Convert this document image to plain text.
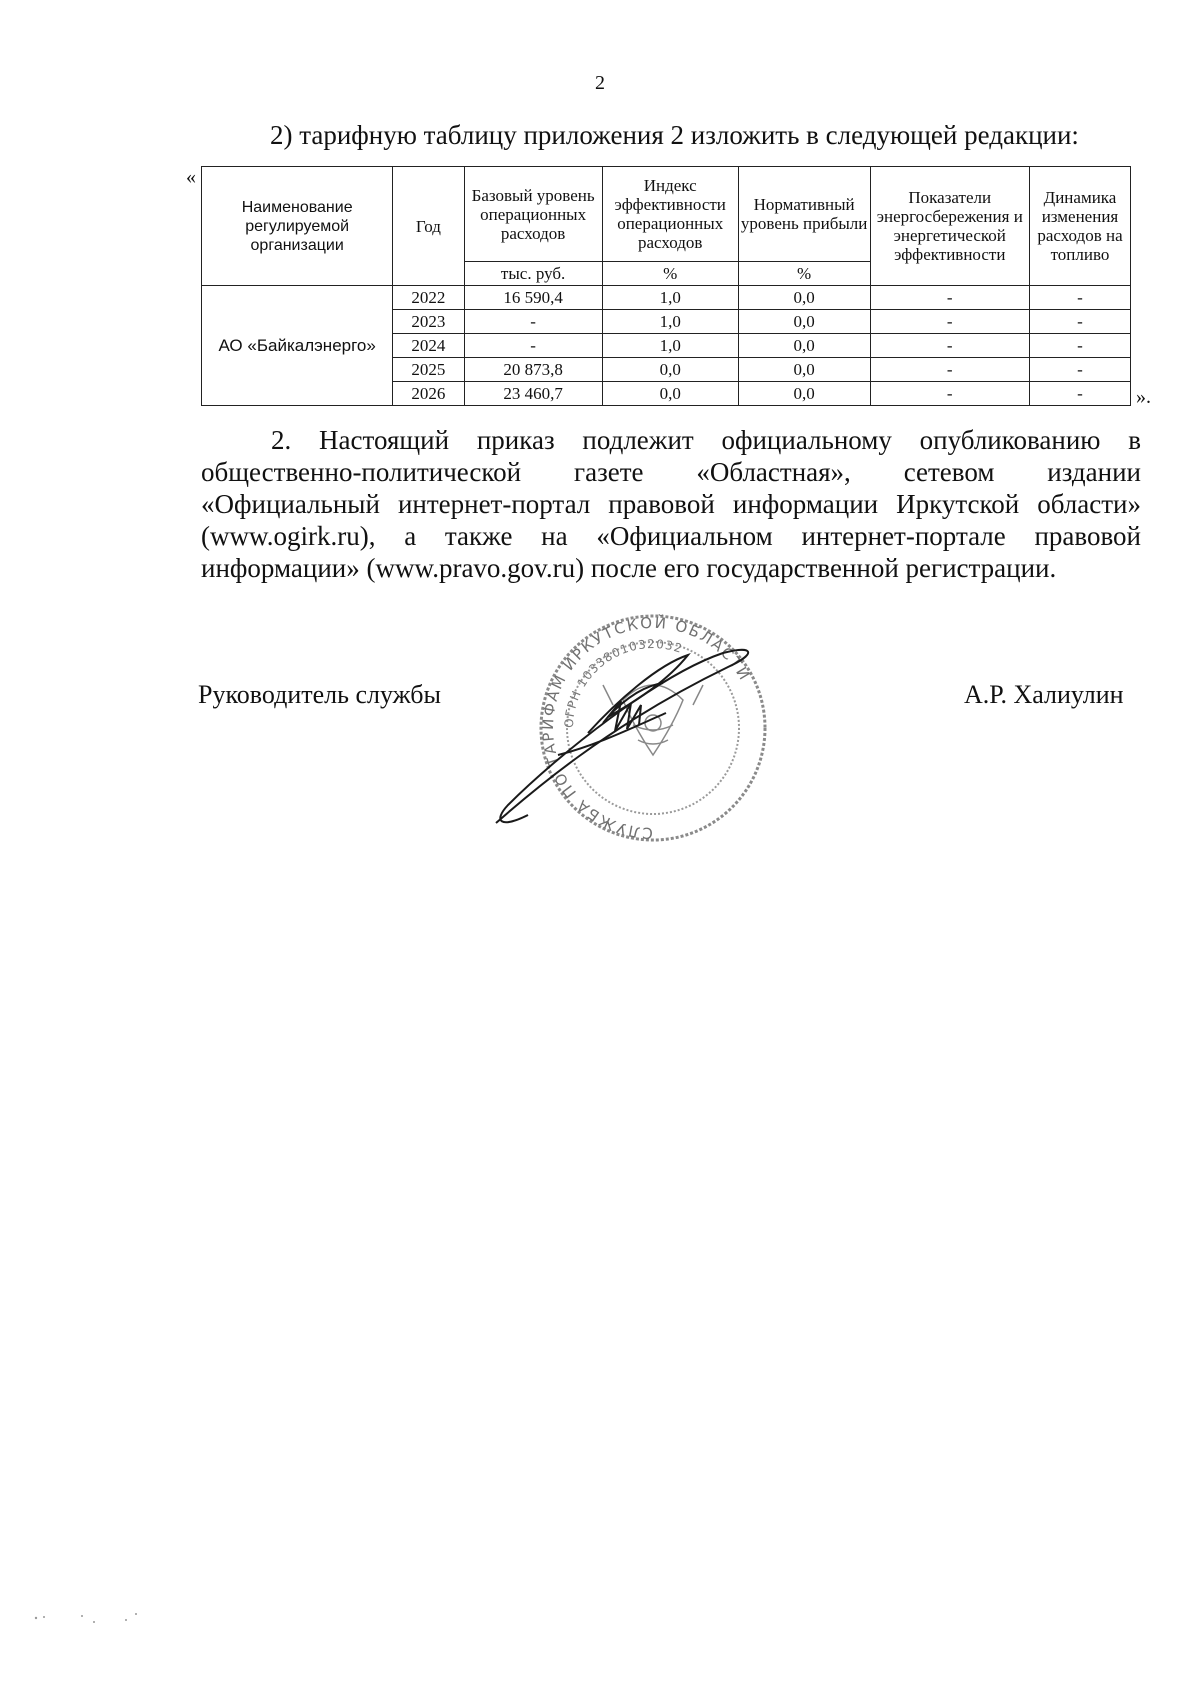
2
2) тарифную таблицу приложения 2 изложить в следующей редакции:
«
Наименование регулируемой организации	Год	Базовый уровень операционных расходов	Индекс эффективности операционных расходов	Нормативный уровень прибыли	Показатели энергосбережения и энергетической эффективности	Динамика изменения расходов на топливо
		тыс. руб.	%	%		
АО «Байкалэнерго»	2022	16 590,4	1,0	0,0	-	-
	2023	-	1,0	0,0	-	-
	2024	-	1,0	0,0	-	-
	2025	20 873,8	0,0	0,0	-	-
	2026	23 460,7	0,0	0,0	-	-	».
2. Настоящий приказ подлежит официальному опубликованию в общественно-политической газете «Областная», сетевом издании «Официальный интернет-портал правовой информации Иркутской области» (www.ogirk.ru), а также на «Официальном интернет-портале правовой информации» (www.pravo.gov.ru) после его государственной регистрации.
СЛУЖБА ПО ТАРИФАМ ИРКУТСКОЙ ОБЛАСТИ
ОГРН 1033801032032
Руководитель службы	А.Р. Халиулин
